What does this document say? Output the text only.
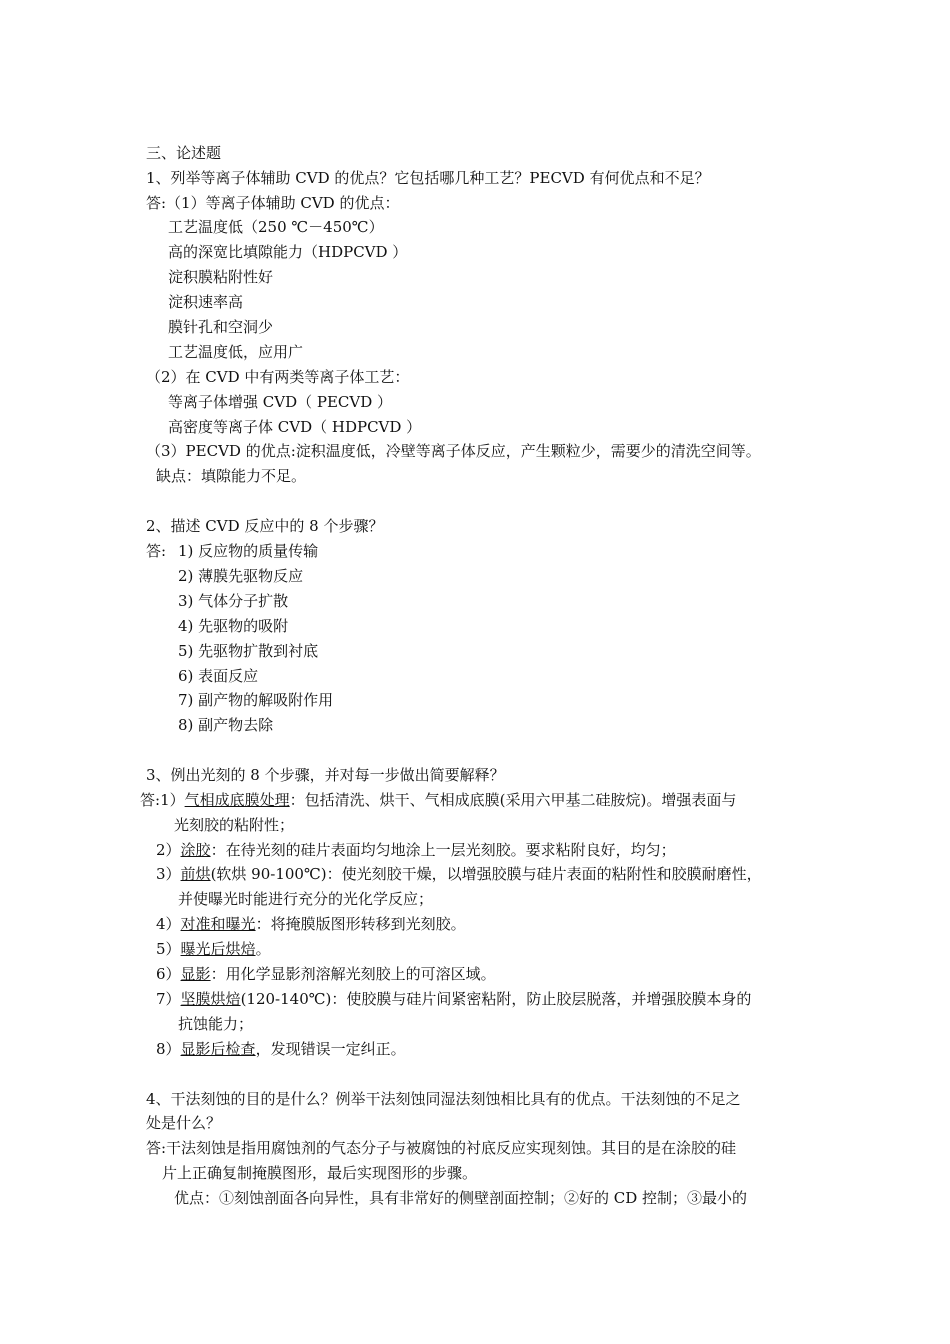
三、论述题
1、列举等离子体辅助 CVD 的优点？它包括哪几种工艺？PECVD 有何优点和不足？
答:（1）等离子体辅助 CVD 的优点：
工艺温度低（250 ℃－450℃）
高的深宽比填隙能力（HDPCVD ）
淀积膜粘附性好
淀积速率高
膜针孔和空洞少
工艺温度低，应用广
（2）在 CVD 中有两类等离子体工艺：
等离子体增强 CVD（ PECVD ）
高密度等离子体 CVD（ HDPCVD ）
（3）PECVD 的优点:淀积温度低，冷壁等离子体反应，产生颗粒少，需要少的清洗空间等。
缺点：填隙能力不足。
2、描述 CVD 反应中的 8 个步骤？
答: 1) 反应物的质量传输
2) 薄膜先驱物反应
3) 气体分子扩散
4) 先驱物的吸附
5) 先驱物扩散到衬底
6) 表面反应
7) 副产物的解吸附作用
8) 副产物去除
3、例出光刻的 8 个步骤，并对每一步做出简要解释？
答:1）气相成底膜处理：包括清洗、烘干、气相成底膜(采用六甲基二硅胺烷)。增强表面与
光刻胶的粘附性；
2）涂胶：在待光刻的硅片表面均匀地涂上一层光刻胶。要求粘附良好，均匀；
3）前烘(软烘 90-100℃)：使光刻胶干燥，以增强胶膜与硅片表面的粘附性和胶膜耐磨性，
并使曝光时能进行充分的光化学反应；
4）对准和曝光：将掩膜版图形转移到光刻胶。
5）曝光后烘焙。
6）显影：用化学显影剂溶解光刻胶上的可溶区域。
7）坚膜烘焙(120-140℃)：使胶膜与硅片间紧密粘附，防止胶层脱落，并增强胶膜本身的
抗蚀能力；
8）显影后检查，发现错误一定纠正。
4、干法刻蚀的目的是什么？例举干法刻蚀同湿法刻蚀相比具有的优点。干法刻蚀的不足之
处是什么？
答:干法刻蚀是指用腐蚀剂的气态分子与被腐蚀的衬底反应实现刻蚀。其目的是在涂胶的硅
片上正确复制掩膜图形，最后实现图形的步骤。
优点：①刻蚀剖面各向异性，具有非常好的侧壁剖面控制；②好的 CD 控制；③最小的
